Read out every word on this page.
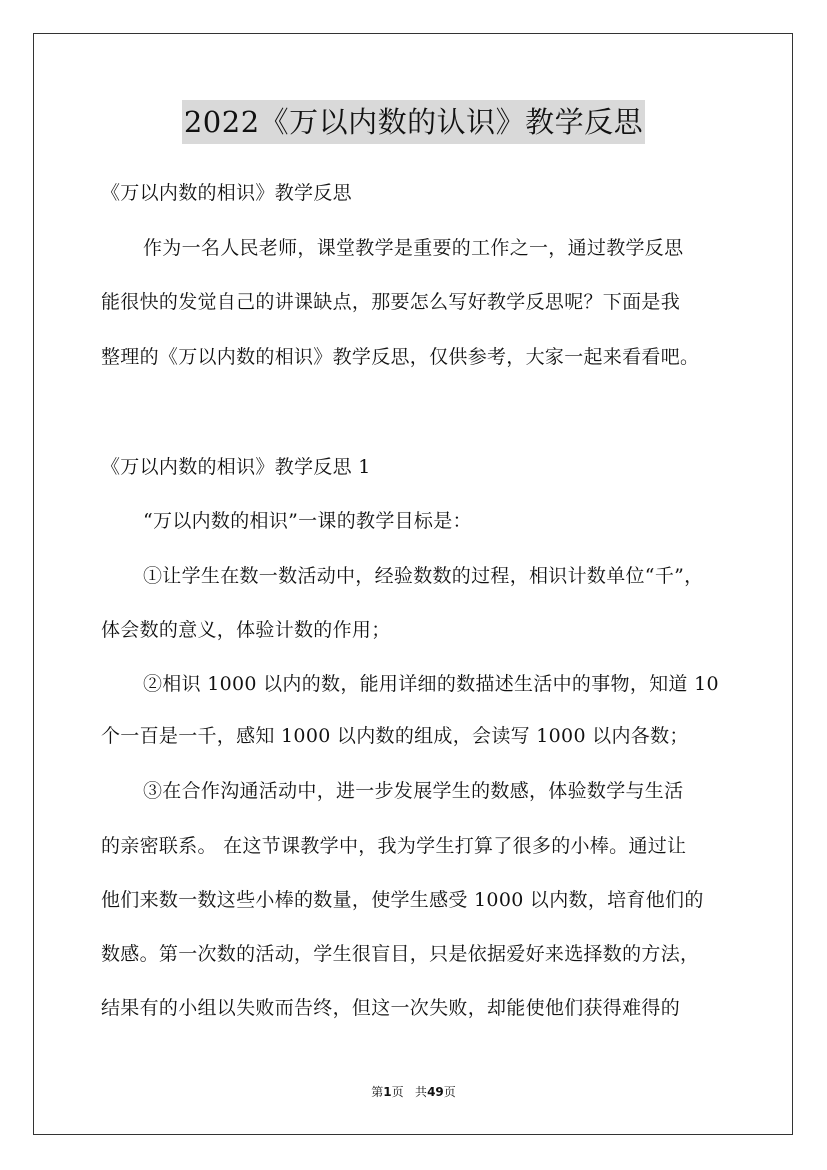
2022《万以内数的认识》教学反思
《万以内数的相识》教学反思
作为一名人民老师，课堂教学是重要的工作之一，通过教学反思
能很快的发觉自己的讲课缺点，那要怎么写好教学反思呢？下面是我
整理的《万以内数的相识》教学反思，仅供参考，大家一起来看看吧。
《万以内数的相识》教学反思 1
“万以内数的相识”一课的教学目标是：
①让学生在数一数活动中，经验数数的过程，相识计数单位“千”，
体会数的意义，体验计数的作用；
②相识 1000 以内的数，能用详细的数描述生活中的事物，知道 10
个一百是一千，感知 1000 以内数的组成，会读写 1000 以内各数；
③在合作沟通活动中，进一步发展学生的数感，体验数学与生活
的亲密联系。 在这节课教学中，我为学生打算了很多的小棒。通过让
他们来数一数这些小棒的数量，使学生感受 1000 以内数，培育他们的
数感。第一次数的活动，学生很盲目，只是依据爱好来选择数的方法，
结果有的小组以失败而告终，但这一次失败，却能使他们获得难得的
第1页 共49页
